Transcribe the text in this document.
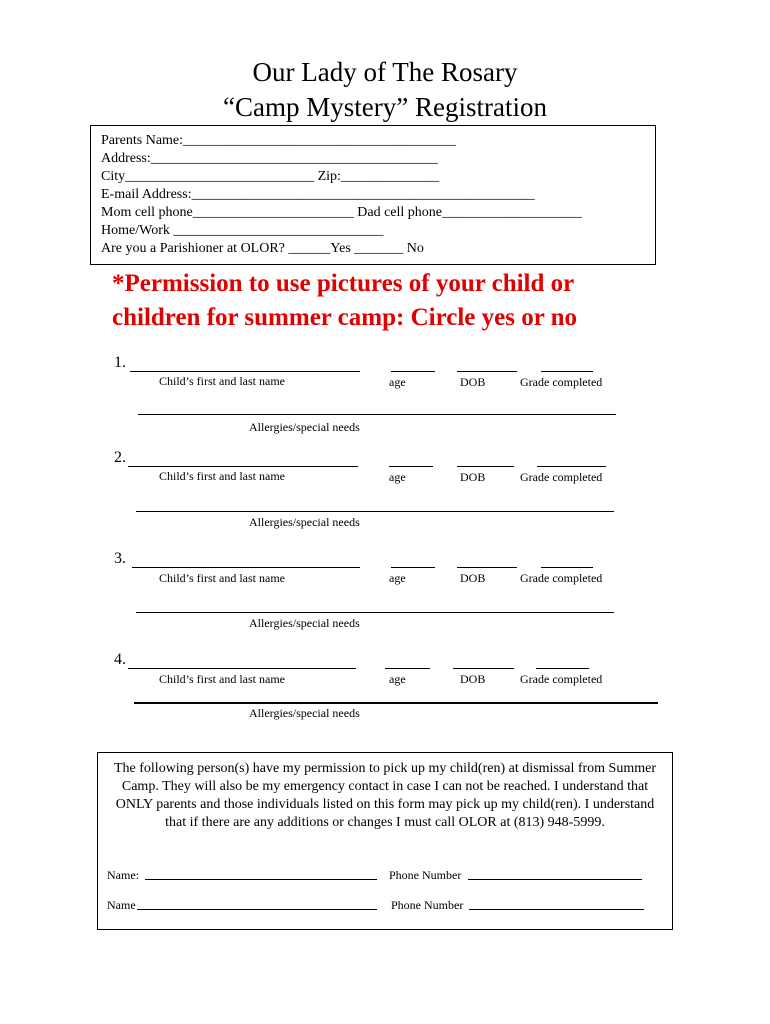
Our Lady of The Rosary
“Camp Mystery” Registration
Parents Name:_______________________________________
Address:_________________________________________
City___________________________ Zip:______________
E-mail Address:_________________________________________________
Mom cell phone_______________________ Dad cell phone____________________
Home/Work ______________________________
Are you a Parishioner at OLOR? ______Yes _______ No
*Permission to use pictures of your child or
children for summer camp: Circle yes or no
1.
Child’s first and last name	age	DOB	Grade completed
Allergies/special needs
2.
Child’s first and last name	age	DOB	Grade completed
Allergies/special needs
3.
Child’s first and last name	age	DOB	Grade completed
Allergies/special needs
4.
Child’s first and last name	age	DOB	Grade completed
Allergies/special needs
The following person(s) have my permission to pick up my child(ren) at dismissal from Summer Camp. They will also be my emergency contact in case I can not be reached. I understand that ONLY parents and those individuals listed on this form may pick up my child(ren). I understand that if there are any additions or changes I must call OLOR at (813) 948-5999.
Name:	Phone Number
Name	Phone Number
